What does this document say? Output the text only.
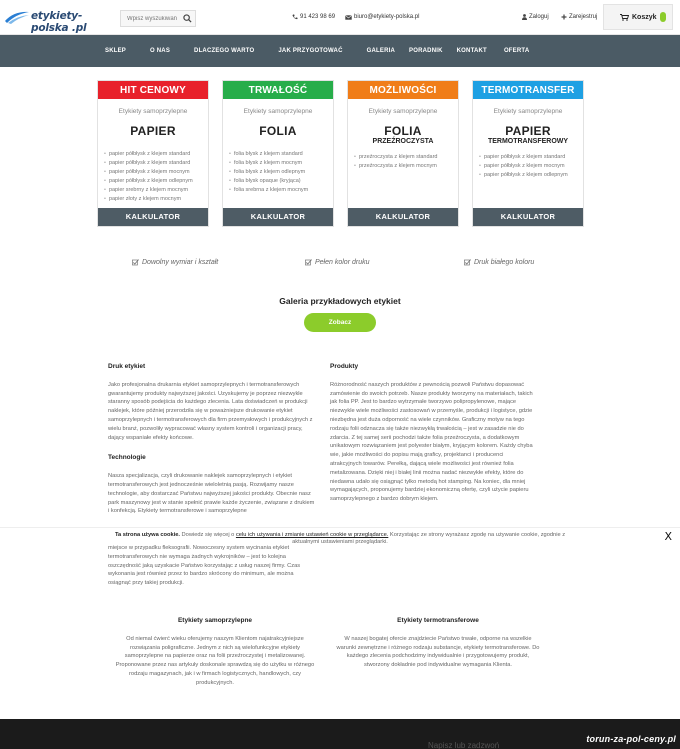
etykiety-polska .pl
Wpisz wyszukiwan
91 423 98 69	biuro@etykiety-polska.pl	Zaloguj	Zarejestruj	Koszyk
SKLEP	O NAS	DLACZEGO WARTO	JAK PRZYGOTOWAĆ	GALERIA PORADNIK KONTAKT	OFERTA
HIT CENOWY
Etykiety samoprzylepne
PAPIER
• papier półbłysk z klejem standard
• papier półbłysk z klejem standard
• papier półbłysk z klejem mocnym
• papier półbłysk z klejem odlepnym
• papier srebrny z klejem mocnym
• papier złoty z klejem mocnym
KALKULATOR
TRWAŁOŚĆ
Etykiety samoprzylepne
FOLIA
• folia błysk z klejem standard
• folia błysk z klejem mocnym
• folia błysk z klejem odlepnym
• folia błysk opaque (kryjąca)
• folia srebrna z klejem mocnym
KALKULATOR
MOŻLIWOŚCI
Etykiety samoprzylepne
FOLIA
PRZEŹROCZYSTA
• przeźroczysta z klejem standard
• przeźroczysta z klejem mocnym
KALKULATOR
TERMOTRANSFER
Etykiety samoprzylepne
PAPIER
TERMOTRANSFEROWY
• papier półbłysk z klejem standard
• papier półbłysk z klejem mocnym
• papier półbłysk z klejem odlepnym
KALKULATOR
Dowolny wymiar i kształt	Pełen kolor druku	Druk białego koloru
Galeria przykładowych etykiet
Zobacz
Druk etykiet

Jako profesjonalna drukarnia etykiet samoprzylepnych i termotransferowych gwarantujemy produkty najwyższej jakości. Uzyskujemy je poprzez niezwykle staranny sposób podejścia do każdego zlecenia. Lata doświadczeń w produkcji naklejek, które później przerodziła się w poważniejsze drukowanie etykiet samoprzylepnych i termotransferowych dla firm przemysłowych i produkcyjnych z wielu branż, pozwoliły wypracować własny system kontroli i organizacji pracy, dający wspaniałe efekty końcowe.

Technologie

Nasza specjalizacja, czyli drukowanie naklejek samoprzylepnych i etykiet termotransferowych jest jednocześnie wieloletnią pasją. Rozwijamy nasze technologie, aby dostarczać Państwu najwyższej jakości produkty. Obecnie nasz park maszynowy jest w stanie spełnić prawie każde życzenie, związane z drukiem i konfekcją. Etykiety termotransferowe i samoprzylepne

Produkty

Różnorodność naszych produktów z pewnością pozwoli Państwu dopasować zamówienie do swoich potrzeb. Nasze produkty tworzymy na materiałach, takich jak folia PP. Jest to bardzo wytrzymałe tworzywo polipropylenowe, mające niezwykle wiele możliwości zastosowań w przemyśle, produkcji i logistyce, gdzie niezbędna jest duża odporność na wiele czynników. Graficzny motyw na tego rodzaju folii odznacza się także niezwykłą trwałością – jest w zasadzie nie do zdarcia. Z tej samej serii pochodzi także folia przeźroczysta, a dodatkowym unikatowym rozwiązaniem jest polyester białym, kryjącym kolorem. Każdy chyba wie, jakie możliwości do popisu mają graficy, projektanci i producenci atrakcyjnych towarów. Perełką, dającą wiele możliwości jest również folia metalizowana. Dzięki niej i białej linii można nadać niezwykłe efekty, które do niedawna udało się osiągnąć tylko metodą hot stamping. Na koniec, dla mniej wymagających, proponujemy bardziej ekonomiczną ofertę, czyli użycie papieru samoprzylepnego z bardzo dobrym klejem.

Ta strona używa cookie. Dowiedz się więcej o celu ich używania i zmianie ustawień cookie w przeglądarce. Korzystając ze strony wyrażasz zgodę na używanie cookie, zgodnie z aktualnymi ustawieniami przeglądarki.	X

miejsce w przypadku fleksografii. Nowoczesny system wycinania etykiet termotransferowych nie wymaga żadnych wykrojników – jest to kolejna oszczędność jaką uzyskacie Państwo korzystając z usług naszej firmy. Czas wykonania jest również przez to bardzo skrócony do minimum, ale można osiągnąć przy takiej produkcji.

Etykiety samoprzylepne

Od niemal ćwierć wieku oferujemy naszym Klientom najatrakcyjniejsze rozwiązania poligraficzne. Jednym z nich są wielofunkcyjne etykiety samoprzylepne na papierze oraz na folii przeźroczystej i metalizowanej. Proponowane przez nas artykuły doskonale sprawdzą się do użytku w różnego rodzaju magazynach, jak i w firmach logistycznych, handlowych, czy produkcyjnych.

Etykiety termotransferowe

W naszej bogatej ofercie znajdziecie Państwo trwałe, odporne na wszelkie warunki zewnętrzne i różnego rodzaju substancje, etykiety termotransferowe. Do każdego zlecenia podchodzimy indywidualnie i przygotowujemy produkt, stworzony dokładnie pod indywidualne wymagania Klienta.

Napisz lub zadzwoń
torun-za-pol-ceny.pl
